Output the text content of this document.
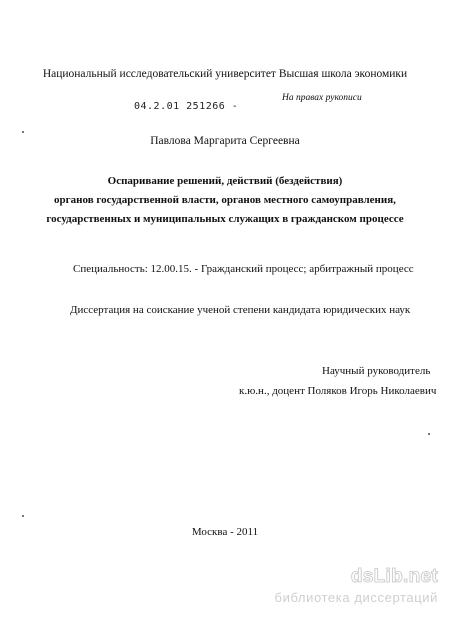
Национальный исследовательский университет Высшая школа экономики
04.2.01 251266 -
На правах рукописи
Павлова Маргарита Сергеевна
Оспаривание решений, действий (бездействия)
органов государственной власти, органов местного самоуправления,
государственных и муниципальных служащих в гражданском процессе
Специальность: 12.00.15. - Гражданский процесс; арбитражный процесс
Диссертация на соискание ученой степени кандидата юридических наук
Научный руководитель
к.ю.н., доцент Поляков Игорь Николаевич
Москва - 2011
dsLib.net
библиотека диссертаций
